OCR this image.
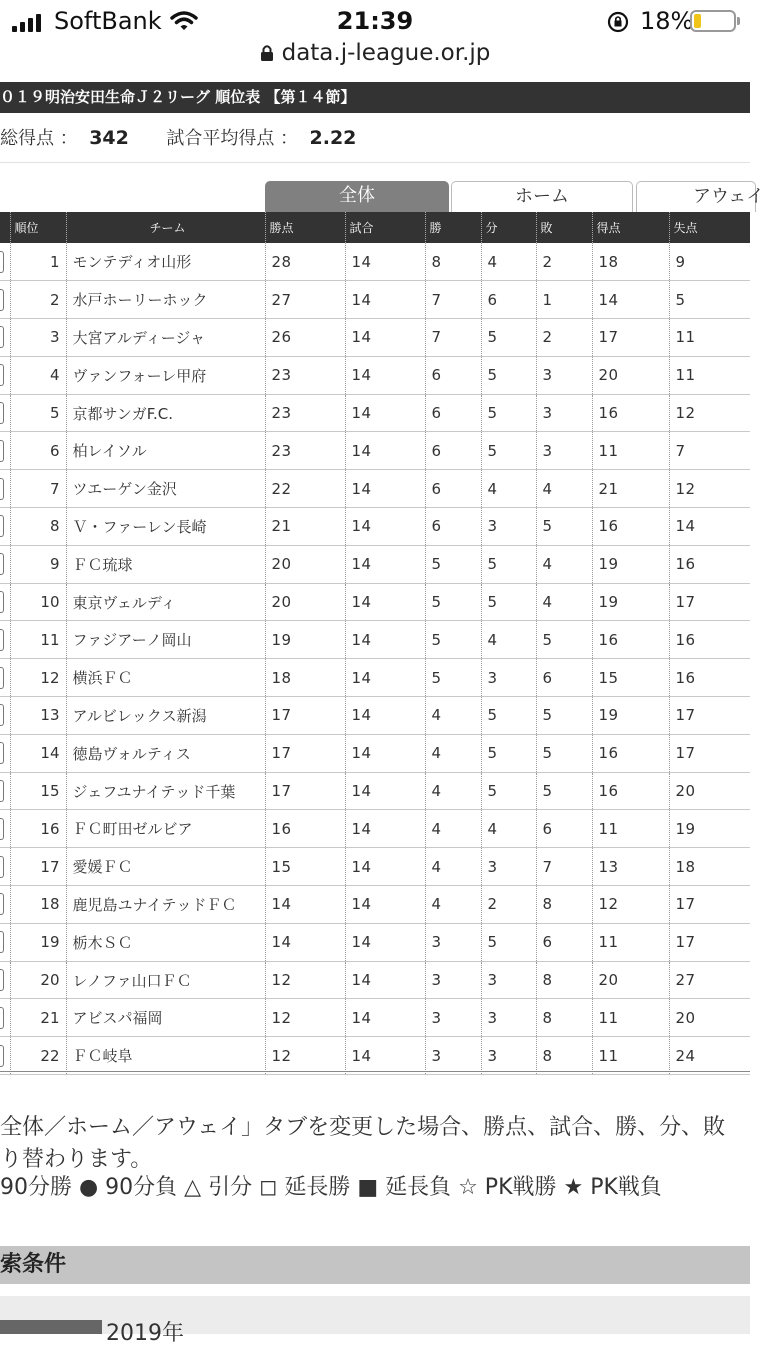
SoftBank	21:39	18%
data.j-league.or.jp
０１９明治安田生命Ｊ２リーグ 順位表 【第１４節】
総得点 ： 342 試合平均得点 ： 2.22
全体	ホーム	アウェイ
	順位	チーム	勝点	試合	勝	分	敗	得点	失点

	1	モンテディオ山形	28	14	8	4	2	18	9

	2	水戸ホーリーホック	27	14	7	6	1	14	5

	3	大宮アルディージャ	26	14	7	5	2	17	11

	4	ヴァンフォーレ甲府	23	14	6	5	3	20	11

	5	京都サンガF.C.	23	14	6	5	3	16	12

	6	柏レイソル	23	14	6	5	3	11	7

	7	ツエーゲン金沢	22	14	6	4	4	21	12

	8	Ｖ・ファーレン長崎	21	14	6	3	5	16	14

	9	ＦＣ琉球	20	14	5	5	4	19	16

	10	東京ヴェルディ	20	14	5	5	4	19	17

	11	ファジアーノ岡山	19	14	5	4	5	16	16

	12	横浜ＦＣ	18	14	5	3	6	15	16

	13	アルビレックス新潟	17	14	4	5	5	19	17

	14	徳島ヴォルティス	17	14	4	5	5	16	17

	15	ジェフユナイテッド千葉	17	14	4	5	5	16	20

	16	ＦＣ町田ゼルビア	16	14	4	4	6	11	19

	17	愛媛ＦＣ	15	14	4	3	7	13	18

	18	鹿児島ユナイテッドＦＣ	14	14	4	2	8	12	17

	19	栃木ＳＣ	14	14	3	5	6	11	17

	20	レノファ山口ＦＣ	12	14	3	3	8	20	27

	21	アビスパ福岡	12	14	3	3	8	11	20

	22	ＦＣ岐阜	12	14	3	3	8	11	24
全体／ホーム／アウェイ」タブを変更した場合、勝点、試合、勝、分、敗
り替わります。
90分勝 ● 90分負 △ 引分 ◻ 延長勝 ■ 延長負 ☆ PK戦勝 ★ PK戦負
索条件
2019年
